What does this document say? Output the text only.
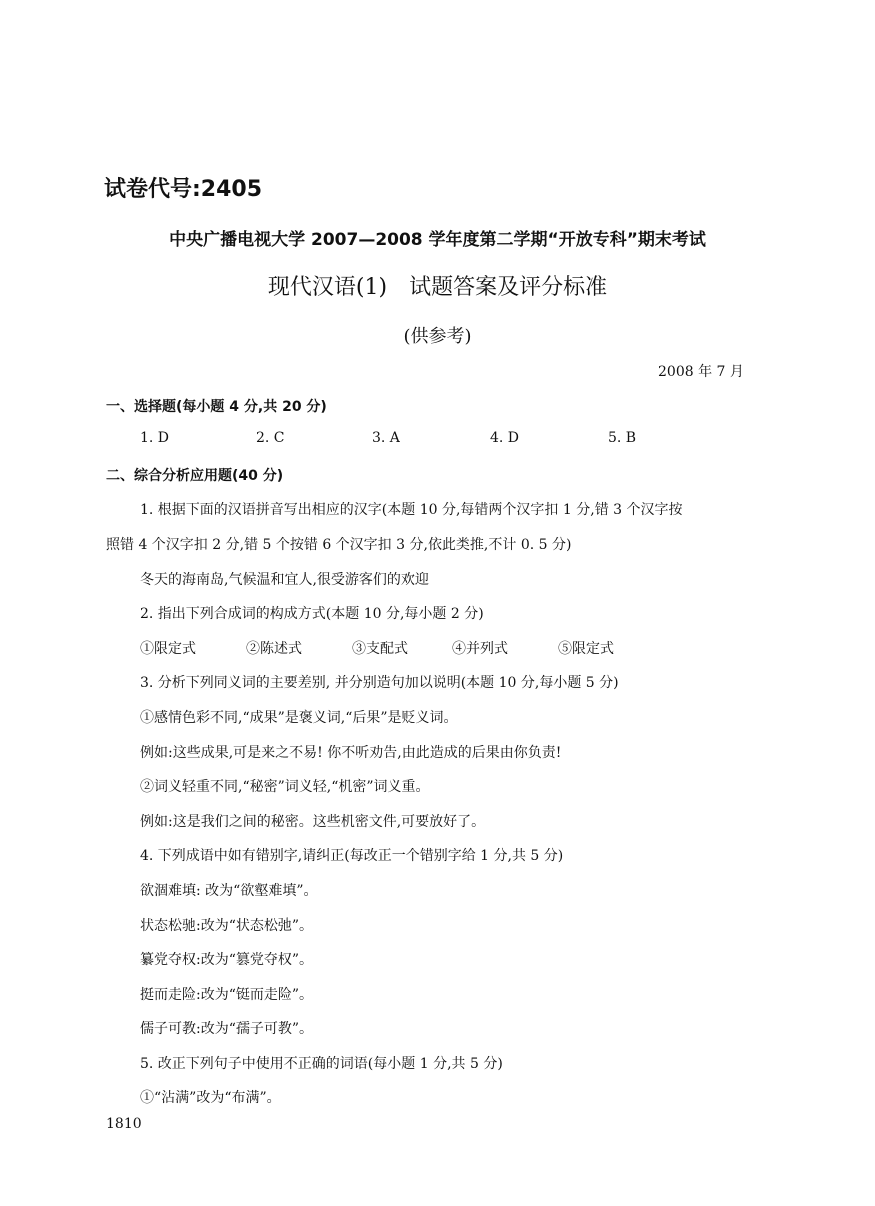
试卷代号:2405
中央广播电视大学 2007—2008 学年度第二学期“开放专科”期末考试
现代汉语(1)　试题答案及评分标准
(供参考)
2008 年 7 月
一、选择题(每小题 4 分,共 20 分)
1. D	2. C	3. A	4. D	5. B
二、综合分析应用题(40 分)
1. 根据下面的汉语拼音写出相应的汉字(本题 10 分,每错两个汉字扣 1 分,错 3 个汉字按
照错 4 个汉字扣 2 分,错 5 个按错 6 个汉字扣 3 分,依此类推,不计 0. 5 分)
冬天的海南岛,气候温和宜人,很受游客们的欢迎
2. 指出下列合成词的构成方式(本题 10 分,每小题 2 分)
①限定式	②陈述式	③支配式	④并列式	⑤限定式
3. 分析下列同义词的主要差别, 并分别造句加以说明(本题 10 分,每小题 5 分)
①感情色彩不同,“成果”是褒义词,“后果”是贬义词。
例如:这些成果,可是来之不易! 你不听劝告,由此造成的后果由你负责!
②词义轻重不同,“秘密”词义轻,“机密”词义重。
例如:这是我们之间的秘密。这些机密文件,可要放好了。
4. 下列成语中如有错别字,请纠正(每改正一个错别字给 1 分,共 5 分)
欲涸难填: 改为“欲壑难填”。
状态松驰:改为“状态松弛”。
纂党夺权:改为“篡党夺权”。
挺而走险:改为“铤而走险”。
儒子可教:改为“孺子可教”。
5. 改正下列句子中使用不正确的词语(每小题 1 分,共 5 分)
①“沾满”改为“布满”。
1810
